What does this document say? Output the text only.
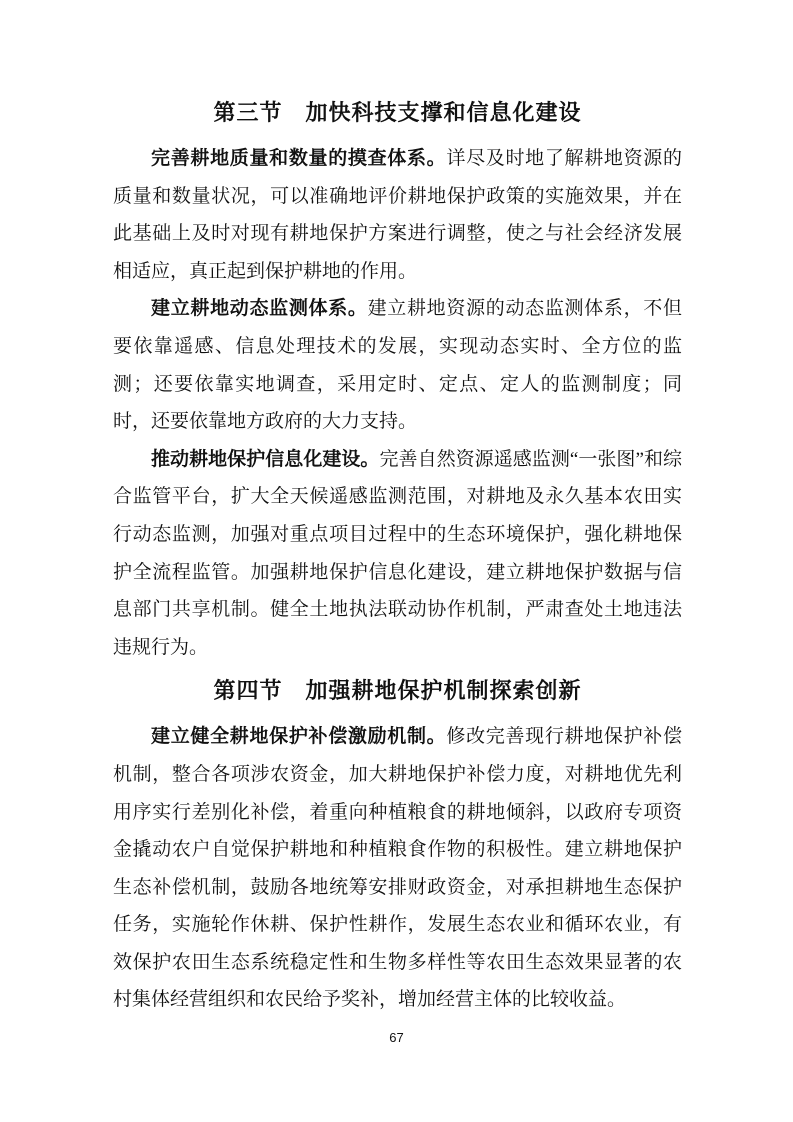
第三节　加快科技支撑和信息化建设

完善耕地质量和数量的摸查体系。详尽及时地了解耕地资源的质量和数量状况，可以准确地评价耕地保护政策的实施效果，并在此基础上及时对现有耕地保护方案进行调整，使之与社会经济发展相适应，真正起到保护耕地的作用。

建立耕地动态监测体系。建立耕地资源的动态监测体系，不但要依靠遥感、信息处理技术的发展，实现动态实时、全方位的监测；还要依靠实地调查，采用定时、定点、定人的监测制度；同时，还要依靠地方政府的大力支持。

推动耕地保护信息化建设。完善自然资源遥感监测“一张图”和综合监管平台，扩大全天候遥感监测范围，对耕地及永久基本农田实行动态监测，加强对重点项目过程中的生态环境保护，强化耕地保护全流程监管。加强耕地保护信息化建设，建立耕地保护数据与信息部门共享机制。健全土地执法联动协作机制，严肃查处土地违法违规行为。

第四节　加强耕地保护机制探索创新

建立健全耕地保护补偿激励机制。修改完善现行耕地保护补偿机制，整合各项涉农资金，加大耕地保护补偿力度，对耕地优先利用序实行差别化补偿，着重向种植粮食的耕地倾斜，以政府专项资金撬动农户自觉保护耕地和种植粮食作物的积极性。建立耕地保护生态补偿机制，鼓励各地统筹安排财政资金，对承担耕地生态保护任务，实施轮作休耕、保护性耕作，发展生态农业和循环农业，有效保护农田生态系统稳定性和生物多样性等农田生态效果显著的农村集体经营组织和农民给予奖补，增加经营主体的比较收益。

67
